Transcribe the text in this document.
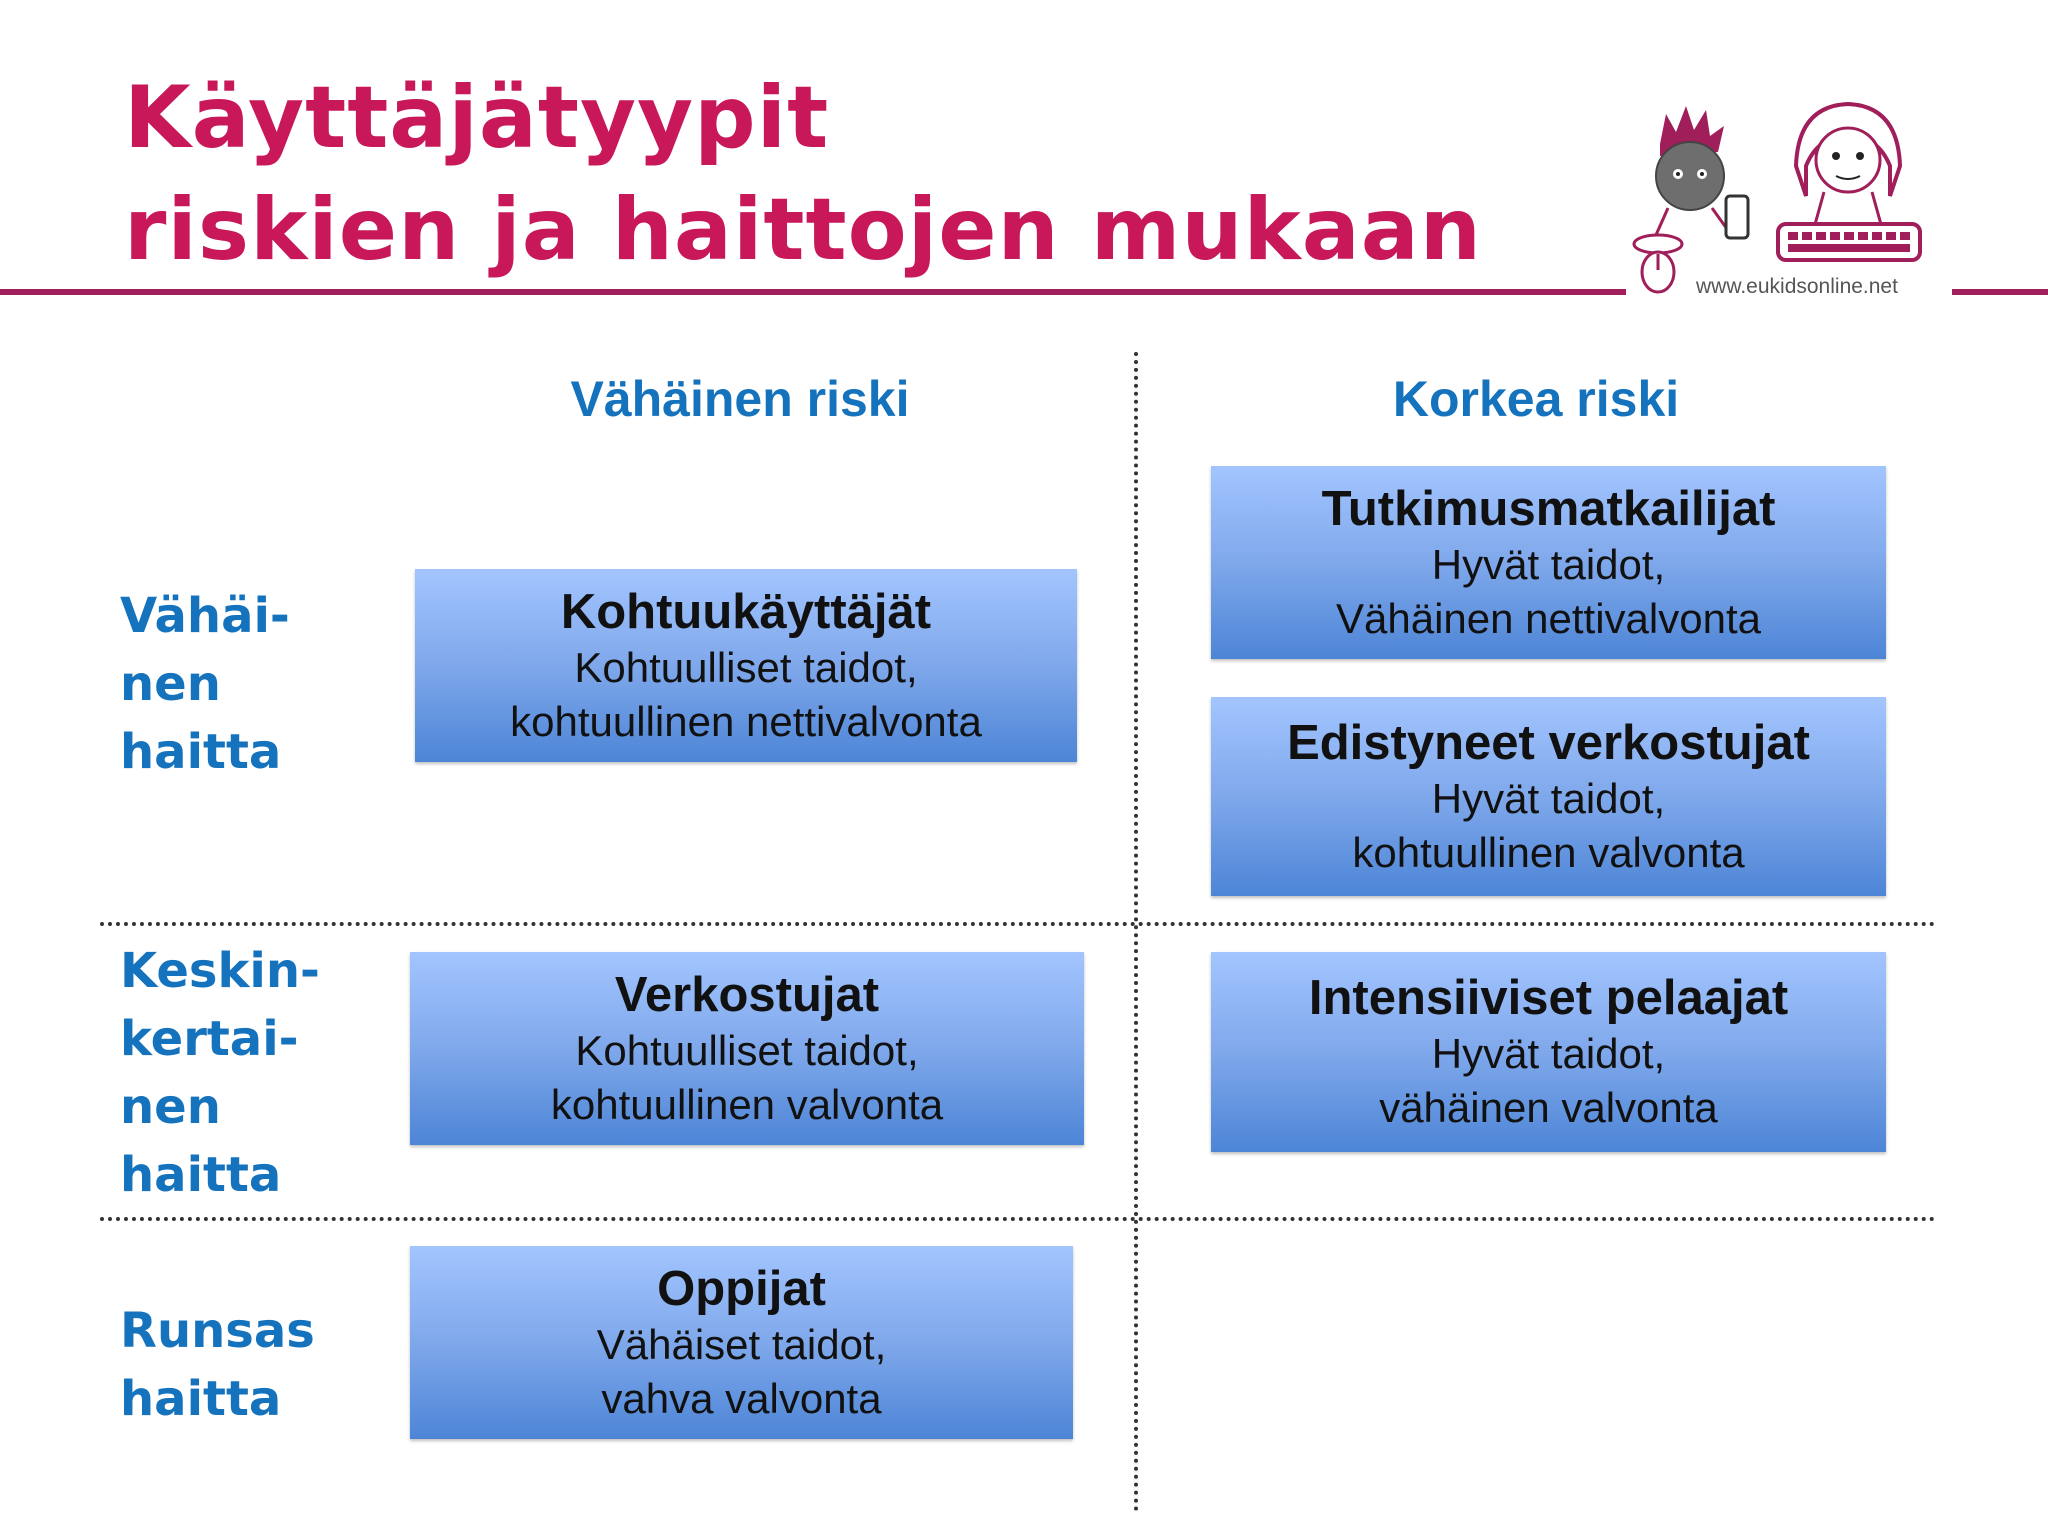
Käyttäjätyypit
riskien ja haittojen mukaan
www.eukidsonline.net
Vähäinen riski	Korkea riski
Vähäi-
nen
haitta
Keskin-
kertai-
nen
haitta
Runsas
haitta
Kohtuukäyttäjät
Kohtuulliset taidot,
kohtuullinen nettivalvonta
Tutkimusmatkailijat
Hyvät taidot,
Vähäinen nettivalvonta
Edistyneet verkostujat
Hyvät taidot,
kohtuullinen valvonta
Verkostujat
Kohtuulliset taidot,
kohtuullinen valvonta
Intensiiviset pelaajat
Hyvät taidot,
vähäinen valvonta
Oppijat
Vähäiset taidot,
vahva valvonta
